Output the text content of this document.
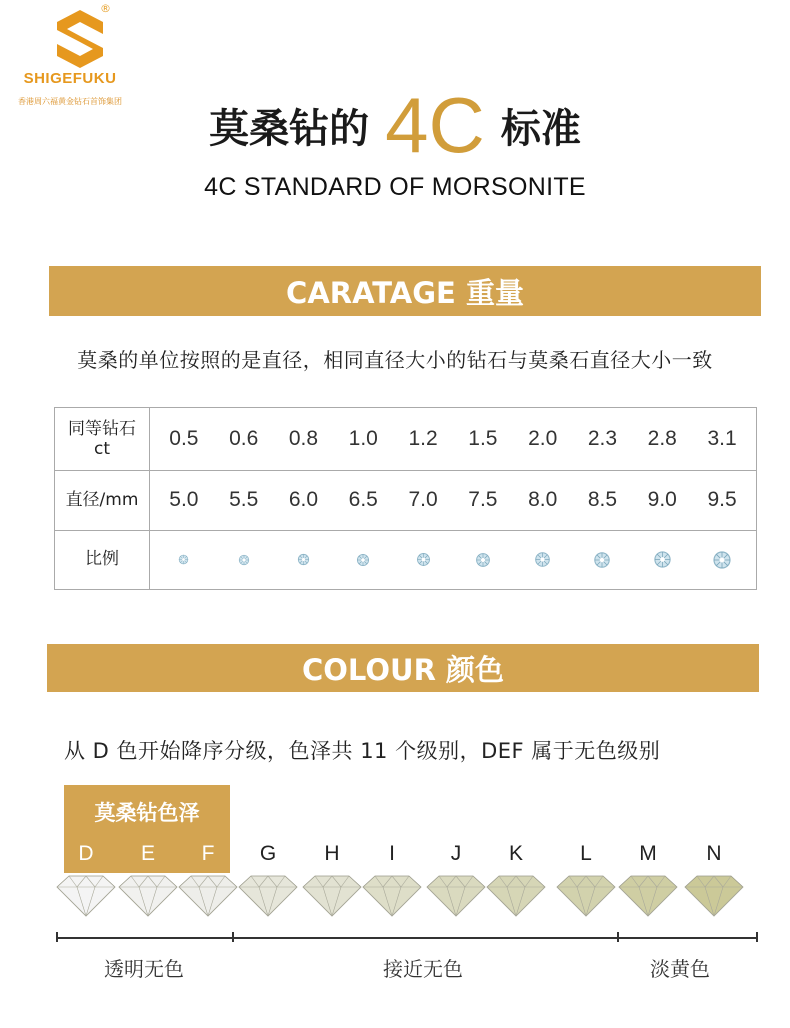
®
SHIGEFUKU
香港周六福黄金钻石首饰集团
莫桑钻的 4C 标准
4C STANDARD OF MORSONITE
CARATAGE 重量
莫桑的单位按照的是直径，相同直径大小的钻石与莫桑石直径大小一致
同等钻石
ct	0.5	0.6	0.8	1.0	1.2	1.5	2.0	2.3	2.8	3.1
直径/mm	5.0	5.5	6.0	6.5	7.0	7.5	8.0	8.5	9.0	9.5
比例
COLOUR 颜色
从 D 色开始降序分级，色泽共 11 个级别，DEF 属于无色级别
莫桑钻色泽
D	E	F	G	H	I	J	K	L	M	N
透明无色	接近无色	淡黄色
